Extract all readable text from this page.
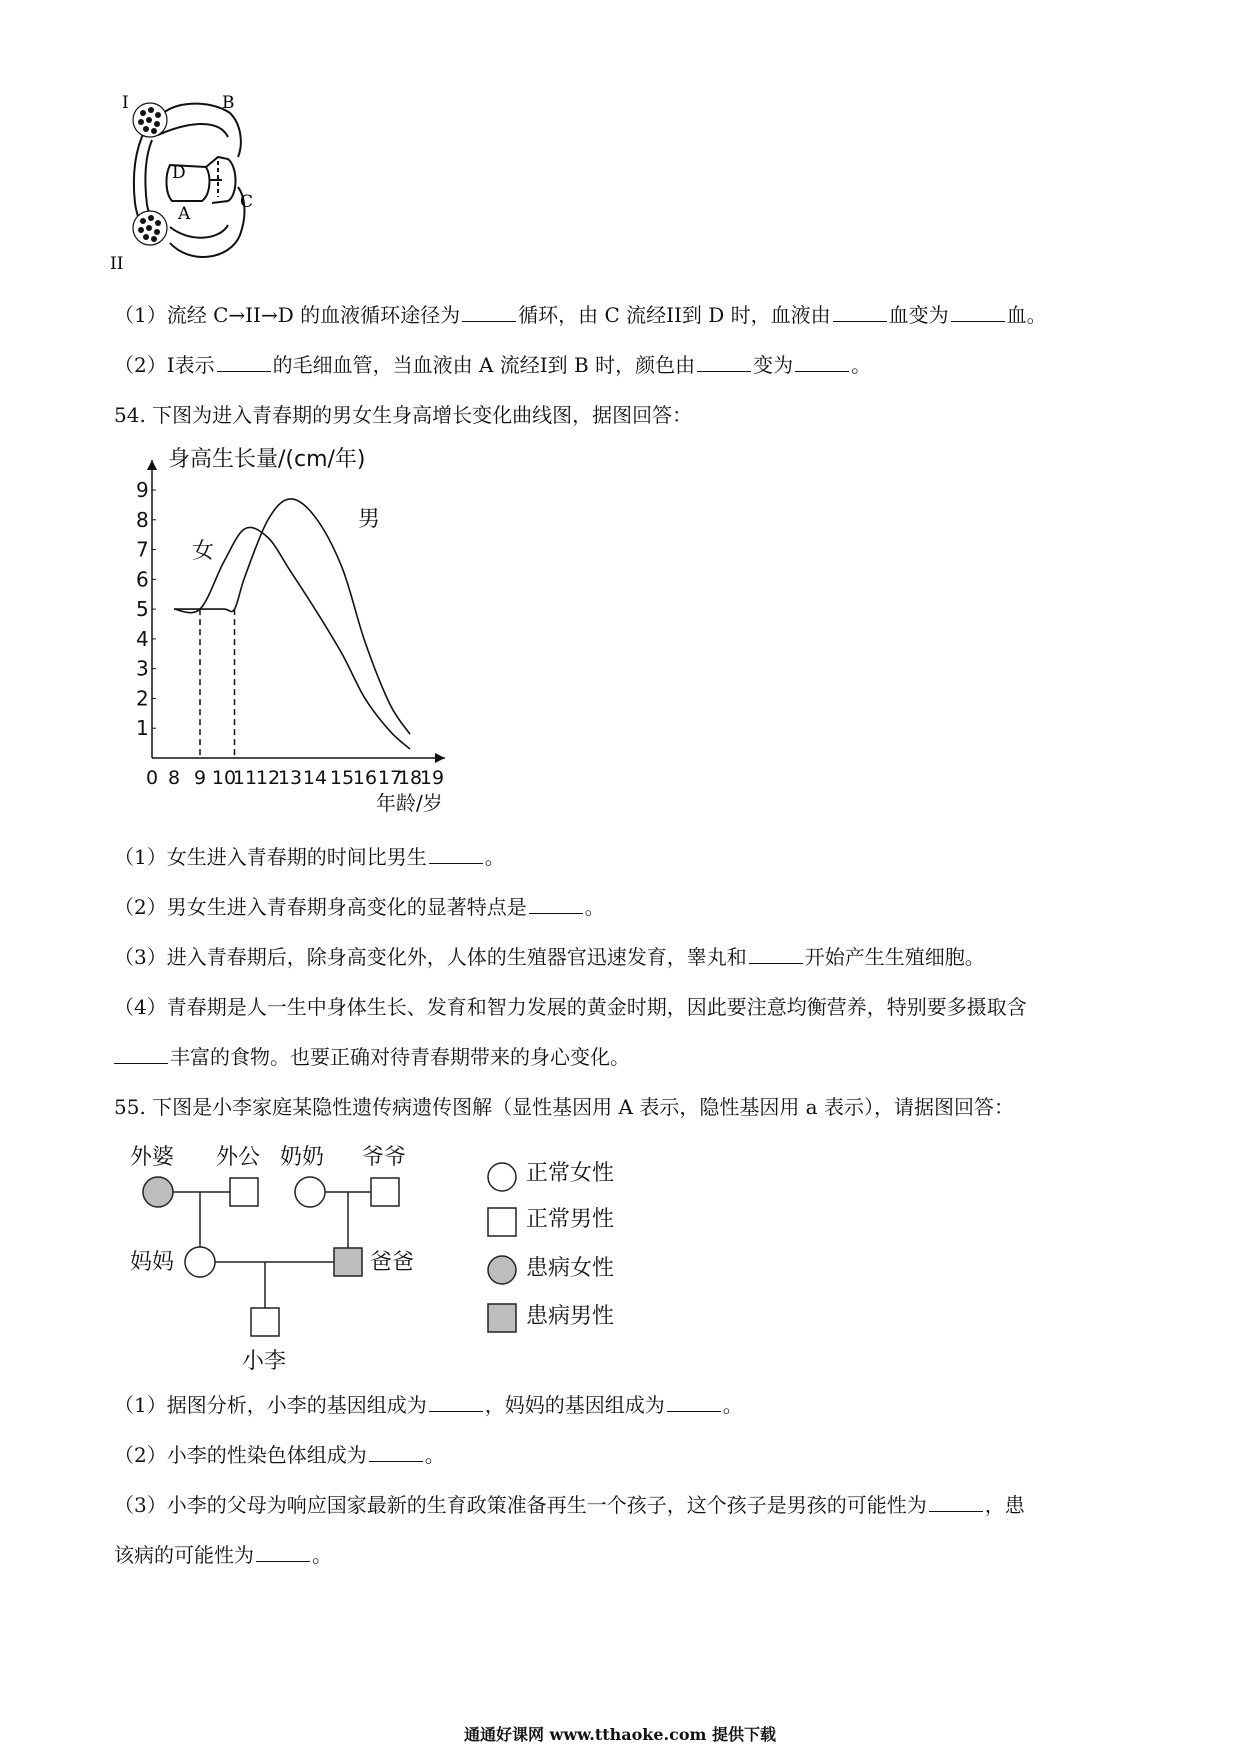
I	B
D
C
A
II
（1）流经 C→II→D 的血液循环途径为	循环，由 C 流经II到 D 时，血液由	血变为	血。
（2）I表示	的毛细血管，当血液由 A 流经I到 B 时，颜色由	变为	。
54. 下图为进入青春期的男女生身高增长变化曲线图，据图回答：
1
2
3
4
5
6
7
8
9
0 8 9 10
11
12
13 14 15
16 17
18
19
身高生长量/(cm/年)
年龄/岁
女
男
（1）女生进入青春期的时间比男生	。
（2）男女生进入青春期身高变化的显著特点是	。
（3）进入青春期后，除身高变化外，人体的生殖器官迅速发育，睾丸和	开始产生生殖细胞。
（4）青春期是人一生中身体生长、发育和智力发展的黄金时期，因此要注意均衡营养，特别要多摄取含
丰富的食物。也要正确对待青春期带来的身心变化。
55. 下图是小李家庭某隐性遗传病遗传图解（显性基因用 A 表示，隐性基因用 a 表示），请据图回答：
外婆 外公 奶奶 爷爷
妈妈	爸爸
小李
正常女性
正常男性
患病女性
患病男性
（1）据图分析，小李的基因组成为	，妈妈的基因组成为	。
（2）小李的性染色体组成为	。
（3）小李的父母为响应国家最新的生育政策准备再生一个孩子，这个孩子是男孩的可能性为	，患
该病的可能性为	。
通通好课网 www.tthaoke.com 提供下载
